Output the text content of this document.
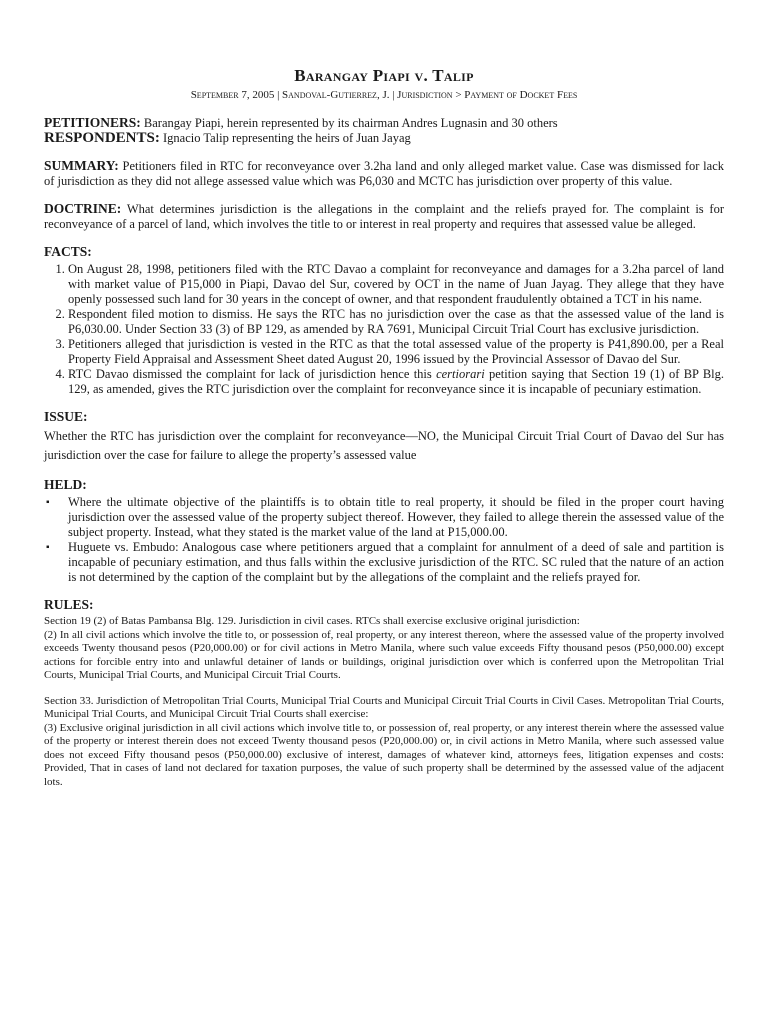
Barangay Piapi v. Talip
September 7, 2005 | Sandoval-Gutierrez, J. | Jurisdiction > Payment of Docket Fees

PETITIONERS: Barangay Piapi, herein represented by its chairman Andres Lugnasin and 30 others

RESPONDENTS: Ignacio Talip representing the heirs of Juan Jayag

SUMMARY: Petitioners filed in RTC for reconveyance over 3.2ha land and only alleged market value. Case was dismissed for lack of jurisdiction as they did not allege assessed value which was P6,030 and MCTC has jurisdiction over property of this value.

DOCTRINE: What determines jurisdiction is the allegations in the complaint and the reliefs prayed for. The complaint is for reconveyance of a parcel of land, which involves the title to or interest in real property and requires that assessed value be alleged.

FACTS:
1. On August 28, 1998, petitioners filed with the RTC Davao a complaint for reconveyance and damages for a 3.2ha parcel of land with market value of P15,000 in Piapi, Davao del Sur, covered by OCT in the name of Juan Jayag. They allege that they have openly possessed such land for 30 years in the concept of owner, and that respondent fraudulently obtained a TCT in his name.
2. Respondent filed motion to dismiss. He says the RTC has no jurisdiction over the case as that the assessed value of the land is P6,030.00. Under Section 33 (3) of BP 129, as amended by RA 7691, Municipal Circuit Trial Court has exclusive jurisdiction.
3. Petitioners alleged that jurisdiction is vested in the RTC as that the total assessed value of the property is P41,890.00, per a Real Property Field Appraisal and Assessment Sheet dated August 20, 1996 issued by the Provincial Assessor of Davao del Sur.
4. RTC Davao dismissed the complaint for lack of jurisdiction hence this certiorari petition saying that Section 19 (1) of BP Blg. 129, as amended, gives the RTC jurisdiction over the complaint for reconveyance since it is incapable of pecuniary estimation.
ISSUE:

Whether the RTC has jurisdiction over the complaint for reconveyance—NO, the Municipal Circuit Trial Court of Davao del Sur has jurisdiction over the case for failure to allege the property’s assessed value

HELD:
▪ Where the ultimate objective of the plaintiffs is to obtain title to real property, it should be filed in the proper court having jurisdiction over the assessed value of the property subject thereof. However, they failed to allege therein the assessed value of the subject property. Instead, what they stated is the market value of the land at P15,000.00.
▪ Huguete vs. Embudo: Analogous case where petitioners argued that a complaint for annulment of a deed of sale and partition is incapable of pecuniary estimation, and thus falls within the exclusive jurisdiction of the RTC. SC ruled that the nature of an action is not determined by the caption of the complaint but by the allegations of the complaint and the reliefs prayed for.
RULES:

Section 19 (2) of Batas Pambansa Blg. 129. Jurisdiction in civil cases. RTCs shall exercise exclusive original jurisdiction:

(2) In all civil actions which involve the title to, or possession of, real property, or any interest thereon, where the assessed value of the property involved exceeds Twenty thousand pesos (P20,000.00) or for civil actions in Metro Manila, where such value exceeds Fifty thousand pesos (P50,000.00) except actions for forcible entry into and unlawful detainer of lands or buildings, original jurisdiction over which is conferred upon the Metropolitan Trial Courts, Municipal Trial Courts, and Municipal Circuit Trial Courts.

Section 33. Jurisdiction of Metropolitan Trial Courts, Municipal Trial Courts and Municipal Circuit Trial Courts in Civil Cases. Metropolitan Trial Courts, Municipal Trial Courts, and Municipal Circuit Trial Courts shall exercise:

(3) Exclusive original jurisdiction in all civil actions which involve title to, or possession of, real property, or any interest therein where the assessed value of the property or interest therein does not exceed Twenty thousand pesos (P20,000.00) or, in civil actions in Metro Manila, where such assessed value does not exceed Fifty thousand pesos (P50,000.00) exclusive of interest, damages of whatever kind, attorneys fees, litigation expenses and costs: Provided, That in cases of land not declared for taxation purposes, the value of such property shall be determined by the assessed value of the adjacent lots.
